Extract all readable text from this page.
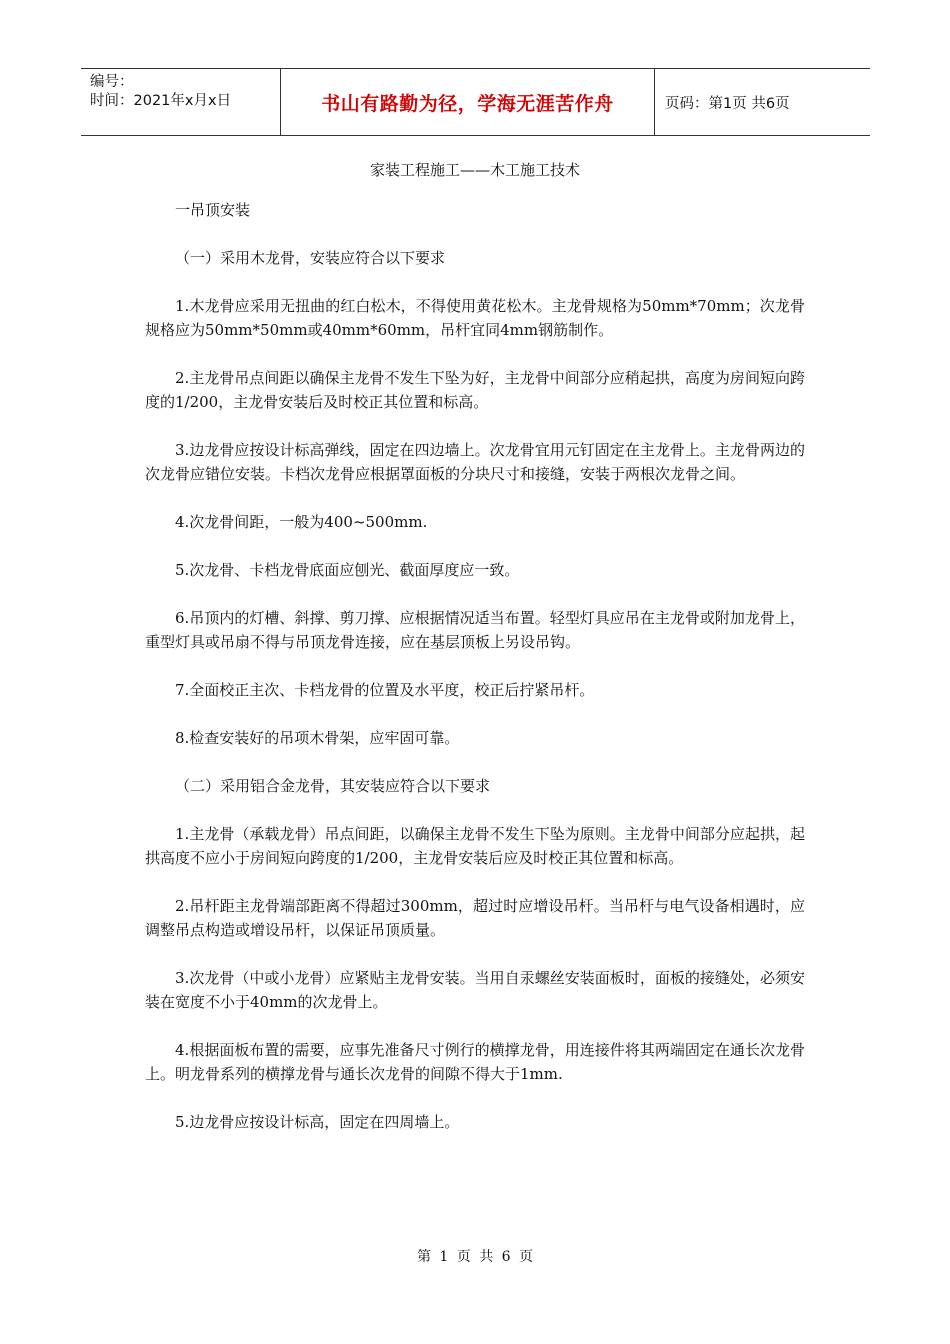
编号：
时间：2021年x月x日	书山有路勤为径，学海无涯苦作舟	页码：第1页 共6页
家装工程施工——木工施工技术

一吊顶安装

（一）采用木龙骨，安装应符合以下要求

1.木龙骨应采用无扭曲的红白松木，不得使用黄花松木。主龙骨规格为50mm*70mm；次龙骨规格应为50mm*50mm或40mm*60mm，吊杆宜同4mm钢筋制作。

2.主龙骨吊点间距以确保主龙骨不发生下坠为好，主龙骨中间部分应稍起拱，高度为房间短向跨度的1/200，主龙骨安装后及时校正其位置和标高。

3.边龙骨应按设计标高弹线，固定在四边墙上。次龙骨宜用元钉固定在主龙骨上。主龙骨两边的次龙骨应错位安装。卡档次龙骨应根据罩面板的分块尺寸和接缝，安装于两根次龙骨之间。

4.次龙骨间距，一般为400~500mm.

5.次龙骨、卡档龙骨底面应刨光、截面厚度应一致。

6.吊顶内的灯槽、斜撑、剪刀撑、应根据情况适当布置。轻型灯具应吊在主龙骨或附加龙骨上，重型灯具或吊扇不得与吊顶龙骨连接，应在基层顶板上另设吊钩。

7.全面校正主次、卡档龙骨的位置及水平度，校正后拧紧吊杆。

8.检查安装好的吊项木骨架，应牢固可靠。

（二）采用铝合金龙骨，其安装应符合以下要求

1.主龙骨（承载龙骨）吊点间距，以确保主龙骨不发生下坠为原则。主龙骨中间部分应起拱，起拱高度不应小于房间短向跨度的1/200，主龙骨安装后应及时校正其位置和标高。

2.吊杆距主龙骨端部距离不得超过300mm，超过时应增设吊杆。当吊杆与电气设备相遇时，应调整吊点构造或增设吊杆，以保证吊顶质量。

3.次龙骨（中或小龙骨）应紧贴主龙骨安装。当用自汞螺丝安装面板时，面板的接缝处，必须安装在宽度不小于40mm的次龙骨上。

4.根据面板布置的需要，应事先准备尺寸例行的横撑龙骨，用连接件将其两端固定在通长次龙骨上。明龙骨系列的横撑龙骨与通长次龙骨的间隙不得大于1mm.

5.边龙骨应按设计标高，固定在四周墙上。

第 1 页 共 6 页
